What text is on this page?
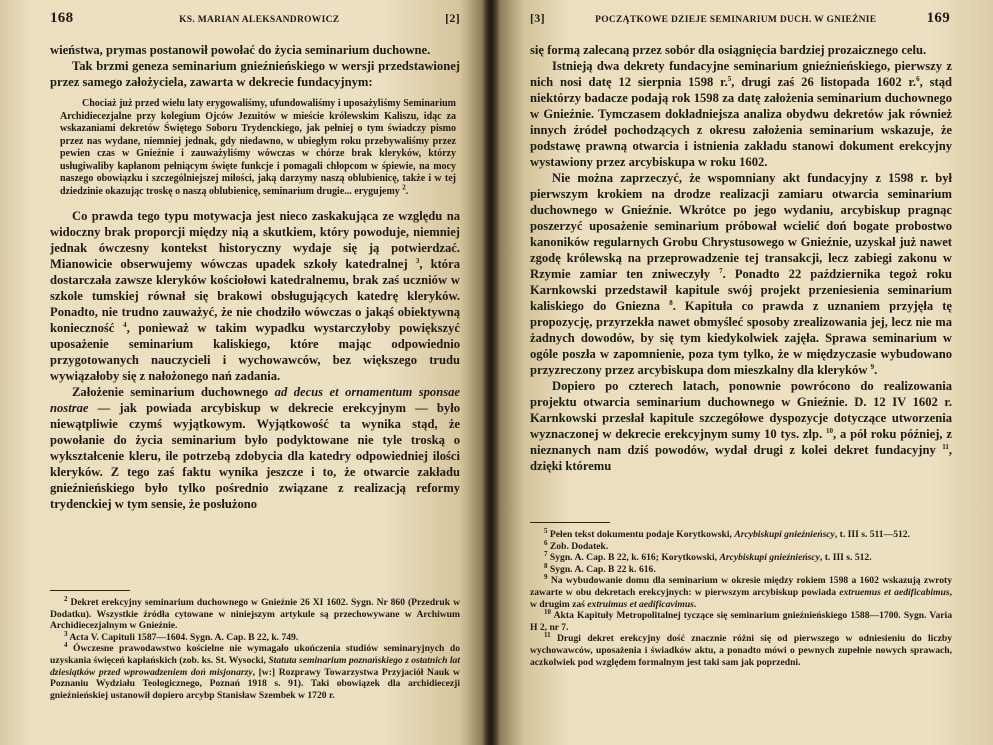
168	KS. MARIAN ALEKSANDROWICZ	[2]

wieństwa, prymas postanowił powołać do życia seminarium duchowne.

Tak brzmi geneza seminarium gnieźnieńskiego w wersji przedstawionej przez samego założyciela, zawarta w dekrecie fundacyjnym:

Chociaż już przed wielu laty erygowaliśmy, ufundowaliśmy i uposażyliśmy Seminarium Archidiecezjalne przy kolegium Ojców Jezuitów w mieście królewskim Kaliszu, idąc za wskazaniami dekretów Świętego Soboru Trydenckiego, jak pełniej o tym świadczy pismo przez nas wydane, niemniej jednak, gdy niedawno, w ubiegłym roku przebywaliśmy przez pewien czas w Gnieźnie i zauważyliśmy wówczas w chórze brak kleryków, którzy usługiwaliby kapłanom pełniącym święte funkcje i pomagali chłopcom w śpiewie, na mocy naszego obowiązku i szczególniejszej miłości, jaką darzymy naszą oblubienicę, także i w tej dziedzinie okazując troskę o naszą oblubienicę, seminarium drugie... erygujemy $^2$.

Co prawda tego typu motywacja jest nieco zaskakująca ze względu na widoczny brak proporcji między nią a skutkiem, który powoduje, niemniej jednak ówczesny kontekst historyczny wydaje się ją potwierdzać. Mianowicie obserwujemy wówczas upadek szkoły katedralnej $^3$, która dostarczała zawsze kleryków kościołowi katedralnemu, brak zaś uczniów w szkole tumskiej równał się brakowi obsługujących katedrę kleryków. Ponadto, nie trudno zauważyć, że nie chodziło wówczas o jakąś obiektywną konieczność $^4$, ponieważ w takim wypadku wystarczyłoby powiększyć uposażenie seminarium kaliskiego, które mając odpowiednio przygotowanych nauczycieli i wychowawców, bez większego trudu wywiązałoby się z nałożonego nań zadania.

Założenie seminarium duchownego ad decus et ornamentum sponsae nostrae — jak powiada arcybiskup w dekrecie erekcyjnym — było niewątpliwie czymś wyjątkowym. Wyjątkowość ta wynika stąd, że powołanie do życia seminarium było podyktowane nie tyle troską o wykształcenie kleru, ile potrzebą zdobycia dla katedry odpowiedniej ilości kleryków. Z tego zaś faktu wynika jeszcze i to, że otwarcie zakładu gnieźnieńskiego było tylko pośrednio związane z realizacją reformy trydenckiej w tym sensie, że posłużono

$^2$ Dekret erekcyjny seminarium duchownego w Gnieźnie 26 XI 1602. Sygn. Nr 860 (Przedruk w Dodatku). Wszystkie źródła cytowane w niniejszym artykule są przechowywane w Archiwum Archidiecezjalnym w Gnieźnie.

$^3$ Acta V. Capituli 1587—1604. Sygn. A. Cap. B 22, k. 749.

$^4$ Ówczesne prawodawstwo kościelne nie wymagało ukończenia studiów seminaryjnych do uzyskania święceń kapłańskich (zob. ks. St. Wysocki, Statuta seminarium poznańskiego z ostatnich lat dziesiątków przed wprowadzeniem doń misjonarzy, [w:] Rozprawy Towarzystwa Przyjaciół Nauk w Poznaniu Wydziału Teologicznego, Poznań 1918 s. 91). Taki obowiązek dla archidiecezji gnieźnieńskiej ustanowił dopiero arcybp Stanisław Szembek w 1720 r.

[3]	POCZĄTKOWE DZIEJE SEMINARIUM DUCH. W GNIEŹNIE	169

się formą zalecaną przez sobór dla osiągnięcia bardziej prozaicznego celu.

Istnieją dwa dekrety fundacyjne seminarium gnieźnieńskiego, pierwszy z nich nosi datę 12 sierpnia 1598 r.$^5$, drugi zaś 26 listopada 1602 r.$^6$, stąd niektórzy badacze podają rok 1598 za datę założenia seminarium duchownego w Gnieźnie. Tymczasem dokładniejsza analiza obydwu dekretów jak również innych źródeł pochodzących z okresu założenia seminarium wskazuje, że podstawę prawną otwarcia i istnienia zakładu stanowi dokument erekcyjny wystawiony przez arcybiskupa w roku 1602.

Nie można zaprzeczyć, że wspomniany akt fundacyjny z 1598 r. był pierwszym krokiem na drodze realizacji zamiaru otwarcia seminarium duchownego w Gnieźnie. Wkrótce po jego wydaniu, arcybiskup pragnąc poszerzyć uposażenie seminarium próbował wcielić doń bogate probostwo kanoników regularnych Grobu Chrystusowego w Gnieźnie, uzyskał już nawet zgodę królewską na przeprowadzenie tej transakcji, lecz zabiegi zakonu w Rzymie zamiar ten zniweczyły $^7$. Ponadto 22 października tegoż roku Karnkowski przedstawił kapitule swój projekt przeniesienia seminarium kaliskiego do Gniezna $^8$. Kapituła co prawda z uznaniem przyjęła tę propozycję, przyrzekła nawet obmyśleć sposoby zrealizowania jej, lecz nie ma żadnych dowodów, by się tym kiedykolwiek zajęła. Sprawa seminarium w ogóle poszła w zapomnienie, poza tym tylko, że w międzyczasie wybudowano przyzreczony przez arcybiskupa dom mieszkalny dla kleryków $^9$.

Dopiero po czterech latach, ponownie powrócono do realizowania projektu otwarcia seminarium duchownego w Gnieźnie. D. 12 IV 1602 r. Karnkowski przesłał kapitule szczegółowe dyspozycje dotyczące utworzenia wyznaczonej w dekrecie erekcyjnym sumy 10 tys. zlp. $^{10}$, a pół roku później, z nieznanych nam dziś powodów, wydał drugi z kolei dekret fundacyjny $^{11}$, dzięki któremu

$^5$ Pełen tekst dokumentu podaje Korytkowski, Arcybiskupi gnieźnieńscy, t. III s. 511—512.

$^6$ Zob. Dodatek.

$^7$ Sygn. A. Cap. B 22, k. 616; Korytkowski, Arcybiskupi gnieźnieńscy, t. III s. 512.

$^8$ Sygn. A. Cap. B 22 k. 616.

$^9$ Na wybudowanie domu dla seminarium w okresie między rokiem 1598 a 1602 wskazują zwroty zawarte w obu dekretach erekcyjnych: w pierwszym arcybiskup powiada extruemus et aedificabimus, w drugim zaś extruimus et aedificavimus.

$^{10}$ Akta Kapituły Metropolitalnej tyczące się seminarium gnieźnieńskiego 1588—1700. Sygn. Varia H 2, nr 7.

$^{11}$ Drugi dekret erekcyjny dość znacznie różni się od pierwszego w odniesieniu do liczby wychowawców, uposażenia i świadków aktu, a ponadto mówi o pewnych zupełnie nowych sprawach, aczkolwiek pod względem formalnym jest taki sam jak poprzedni.
